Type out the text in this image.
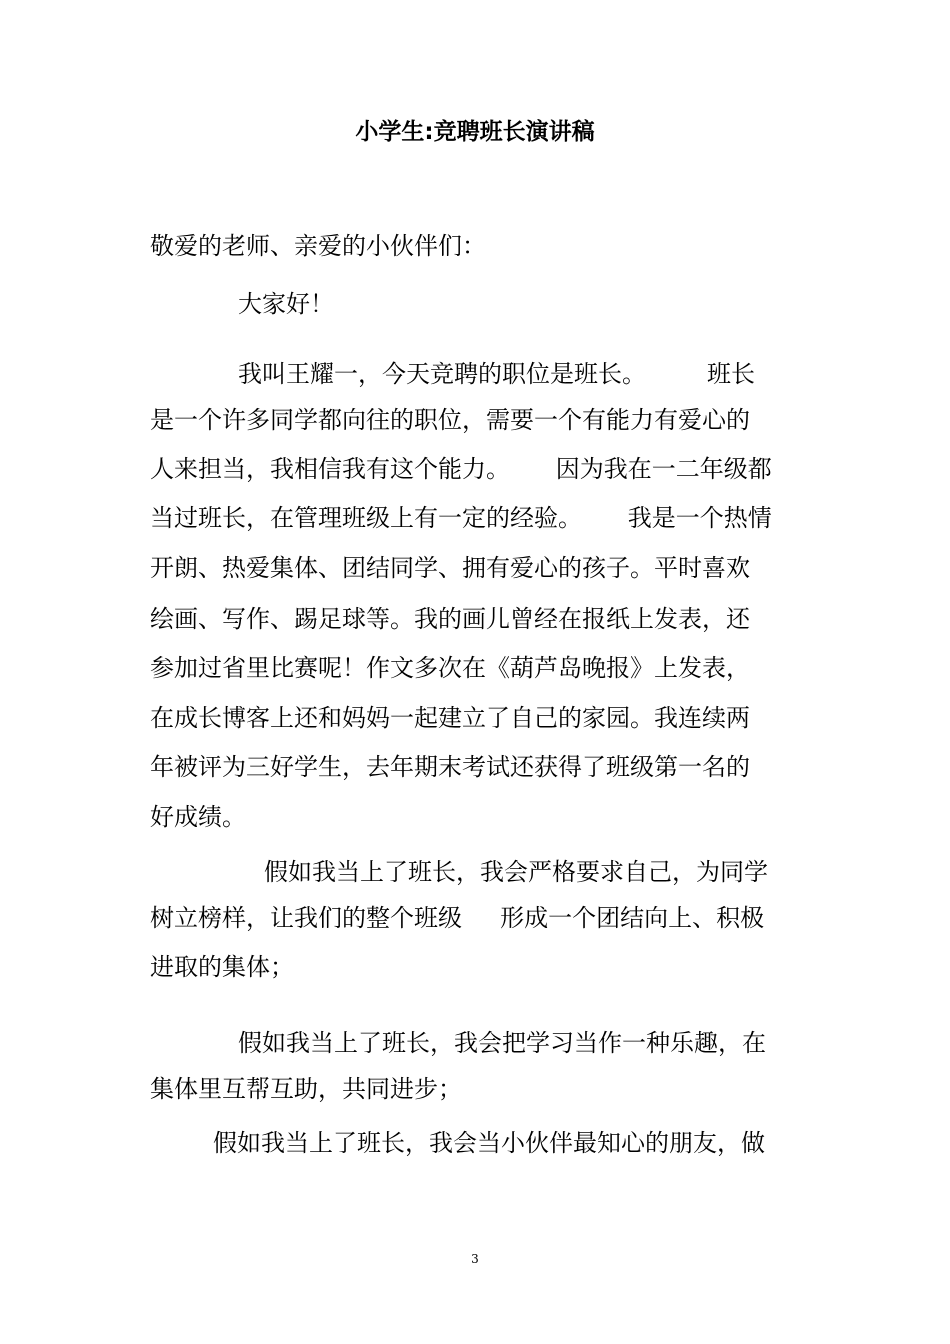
小学生:竞聘班长演讲稿
敬爱的老师、亲爱的小伙伴们：
大家好！
我叫王耀一，今天竞聘的职位是班长。        班长
是一个许多同学都向往的职位，需要一个有能力有爱心的
人来担当，我相信我有这个能力。      因为我在一二年级都
当过班长，在管理班级上有一定的经验。      我是一个热情
开朗、热爱集体、团结同学、拥有爱心的孩子。平时喜欢
绘画、写作、踢足球等。我的画儿曾经在报纸上发表，还
参加过省里比赛呢！作文多次在《葫芦岛晚报》上发表，
在成长博客上还和妈妈一起建立了自己的家园。我连续两
年被评为三好学生，去年期末考试还获得了班级第一名的
好成绩。
假如我当上了班长，我会严格要求自己，为同学
树立榜样，让我们的整个班级     形成一个团结向上、积极
进取的集体；
假如我当上了班长，我会把学习当作一种乐趣，在
集体里互帮互助，共同进步；
假如我当上了班长，我会当小伙伴最知心的朋友，做
3
